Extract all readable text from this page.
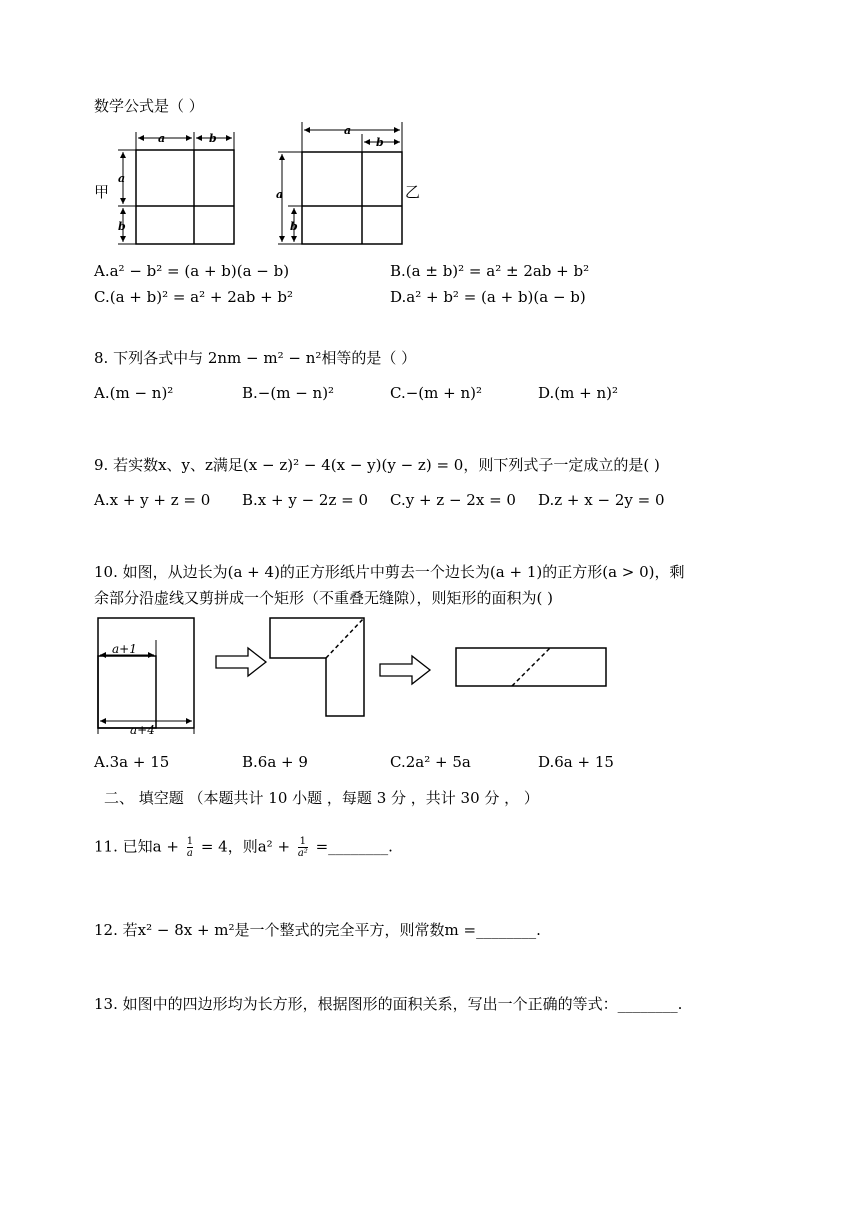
数学公式是（ ）
a	b
a
b
甲
a
b
a
b
乙
A.a² − b² = (a + b)(a − b)	B.(a ± b)² = a² ± 2ab + b²
C.(a + b)² = a² + 2ab + b²	D.a² + b² = (a + b)(a − b)
8. 下列各式中与 2nm − m² − n²相等的是（ ）
A.(m − n)²	B.−(m − n)²	C.−(m + n)²	D.(m + n)²
9. 若实数x、y、z满足(x − z)² − 4(x − y)(y − z) = 0，则下列式子一定成立的是( )
A.x + y + z = 0 B.x + y − 2z = 0 C.y + z − 2x = 0 D.z + x − 2y = 0
10. 如图，从边长为(a + 4)的正方形纸片中剪去一个边长为(a + 1)的正方形(a > 0)，剩
余部分沿虚线又剪拼成一个矩形（不重叠无缝隙），则矩形的面积为( )
a+1
a+4
A.3a + 15	B.6a + 9	C.2a² + 5a	D.6a + 15
二、 填空题 （本题共计 10 小题 ，每题 3 分 ，共计 30 分 ， ）
11. 已知$a + \frac{1}{a} = 4$，则$a^2 + \frac{1}{\text{a²}}$ =________.
12. 若x² − 8x + m²是一个整式的完全平方，则常数m =________.
13. 如图中的四边形均为长方形，根据图形的面积关系，写出一个正确的等式：________.
